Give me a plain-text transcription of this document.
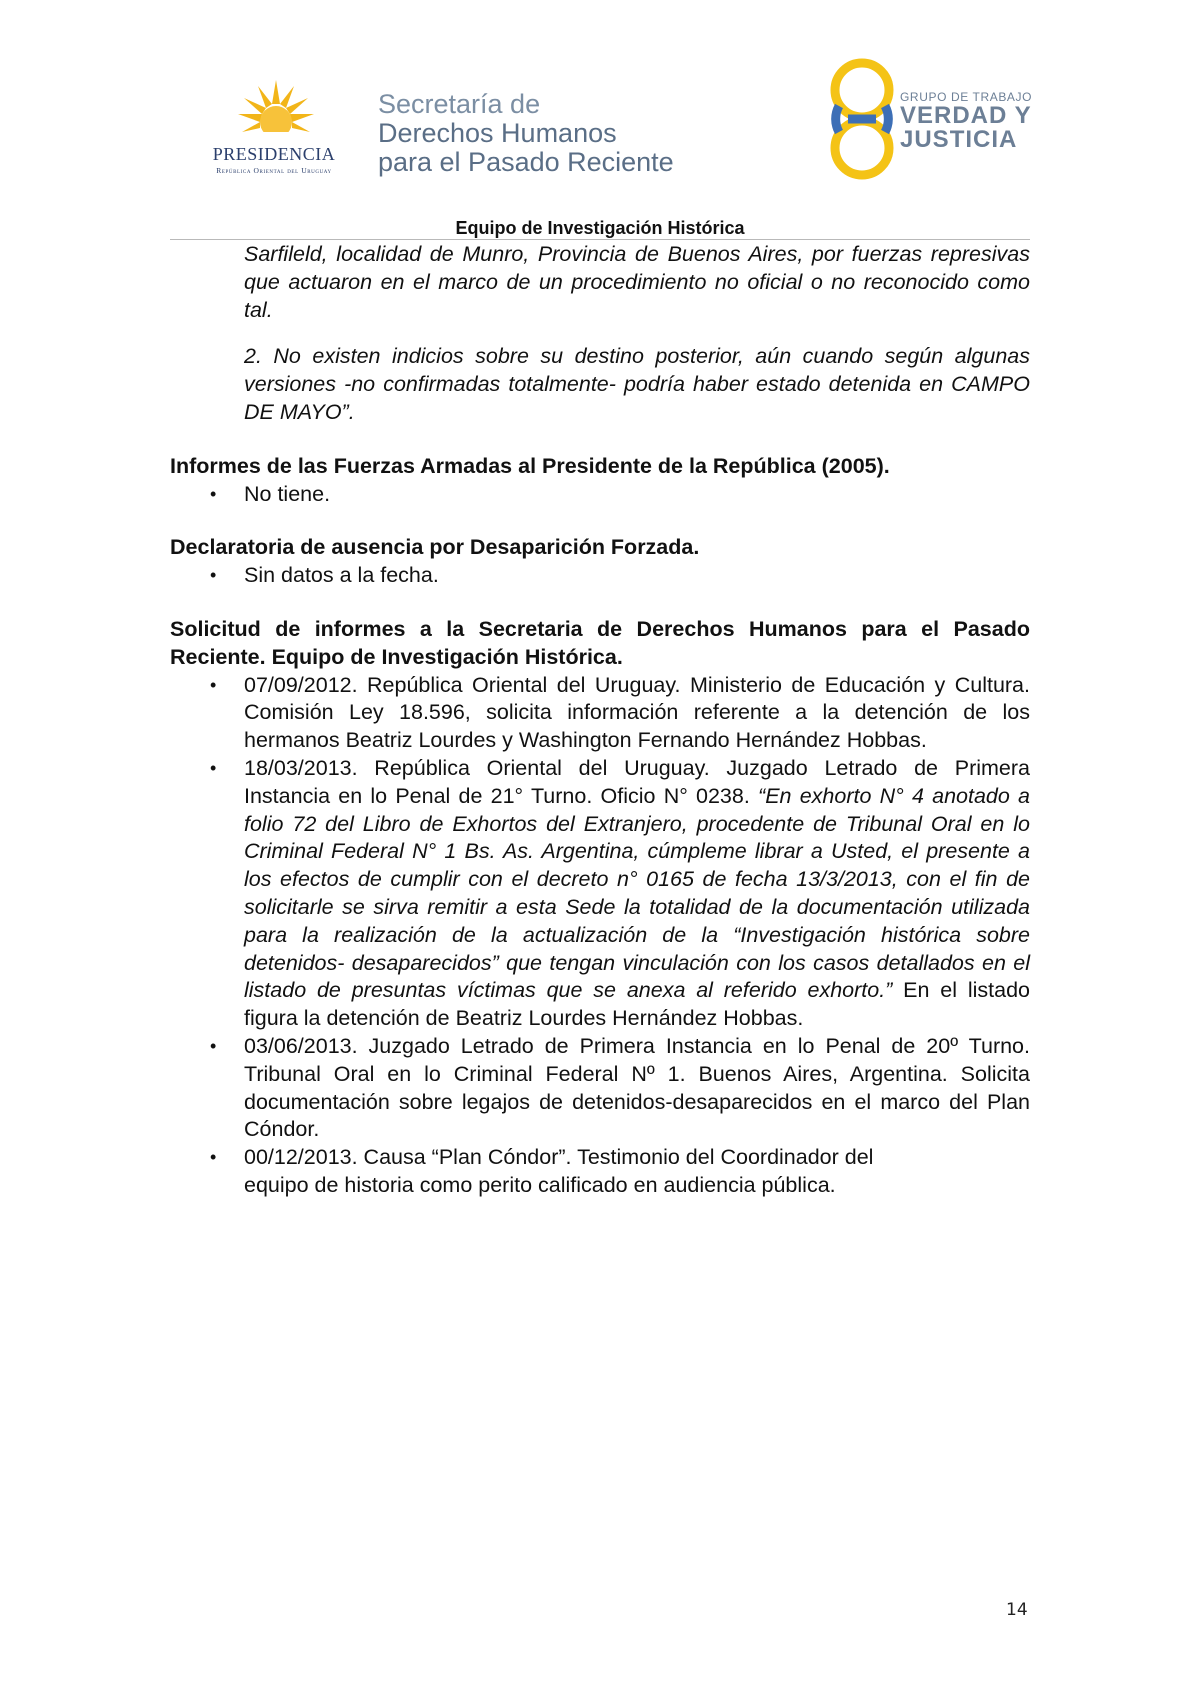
PRESIDENCIA
República Oriental del Uruguay
Secretaría de
Derechos Humanos
para el Pasado Reciente
GRUPO DE TRABAJO
VERDAD Y
JUSTICIA
Equipo de Investigación Histórica
Sarfileld, localidad de Munro, Provincia de Buenos Aires, por fuerzas represivas que actuaron en el marco de un procedimiento no oficial o no reconocido como tal.
2. No existen indicios sobre su destino posterior, aún cuando según algunas versiones -no confirmadas totalmente- podría haber estado detenida en CAMPO DE MAYO”.
Informes de las Fuerzas Armadas al Presidente de la República (2005).
• No tiene.
Declaratoria de ausencia por Desaparición Forzada.
• Sin datos a la fecha.
Solicitud de informes a la Secretaria de Derechos Humanos para el Pasado Reciente. Equipo de Investigación Histórica.
• 07/09/2012. República Oriental del Uruguay. Ministerio de Educación y Cultura. Comisión Ley 18.596, solicita información referente a la detención de los hermanos Beatriz Lourdes y Washington Fernando Hernández Hobbas.
• 18/03/2013. República Oriental del Uruguay. Juzgado Letrado de Primera Instancia en lo Penal de 21° Turno. Oficio N° 0238. “En exhorto N° 4 anotado a folio 72 del Libro de Exhortos del Extranjero, procedente de Tribunal Oral en lo Criminal Federal N° 1 Bs. As. Argentina, cúmpleme librar a Usted, el presente a los efectos de cumplir con el decreto n° 0165 de fecha 13/3/2013, con el fin de solicitarle se sirva remitir a esta Sede la totalidad de la documentación utilizada para la realización de la actualización de la “Investigación histórica sobre detenidos- desaparecidos” que tengan vinculación con los casos detallados en el listado de presuntas víctimas que se anexa al referido exhorto.” En el listado figura la detención de Beatriz Lourdes Hernández Hobbas.
• 03/06/2013. Juzgado Letrado de Primera Instancia en lo Penal de 20º Turno. Tribunal Oral en lo Criminal Federal Nº 1. Buenos Aires, Argentina. Solicita documentación sobre legajos de detenidos-desaparecidos en el marco del Plan Cóndor.
• 00/12/2013. Causa “Plan Cóndor”. Testimonio del Coordinador del
equipo de historia como perito calificado en audiencia pública.
14
